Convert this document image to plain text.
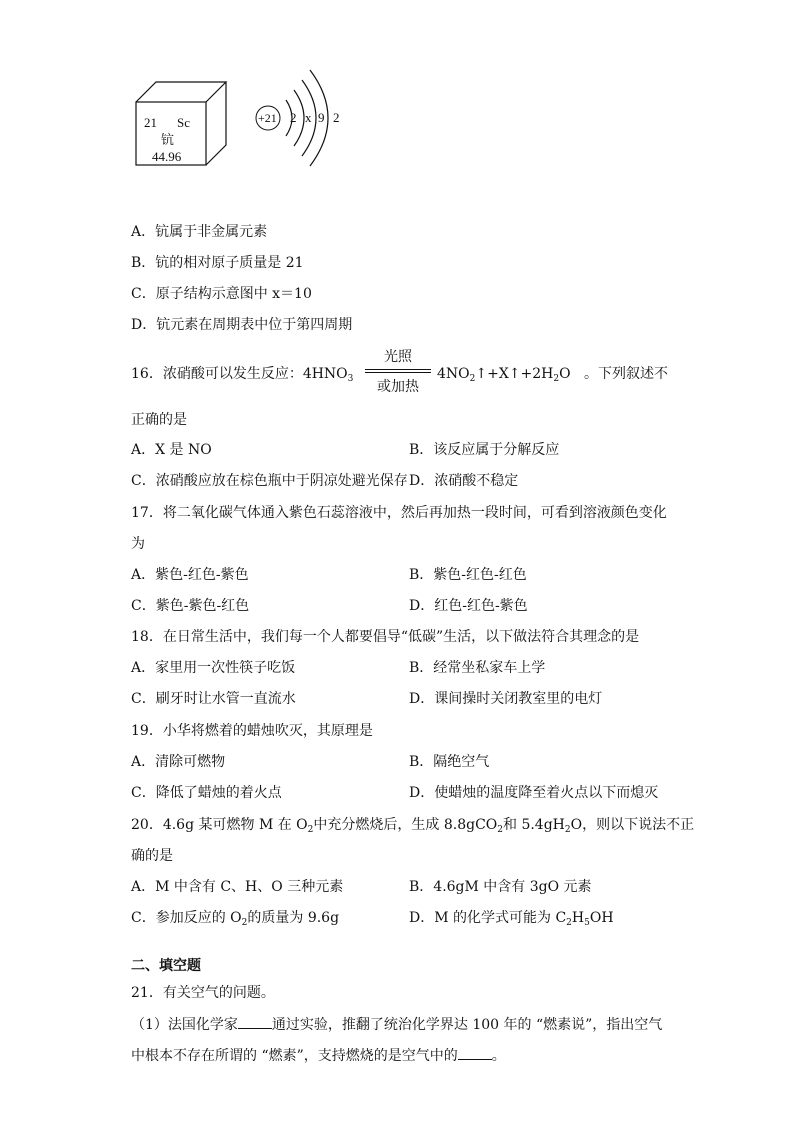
21 Sc
钪
44.96
+21 2 x 9 2
A．钪属于非金属元素
B．钪的相对原子质量是 21
C．原子结构示意图中 x＝10
D．钪元素在周期表中位于第四周期
16．浓硝酸可以发生反应：$4HNO_3$
光照
或加热
$4NO_2↑+X↑+2H_2O$ 。下列叙述不
正确的是
A．X 是 NO	B．该反应属于分解反应
C．浓硝酸应放在棕色瓶中于阴凉处避光保存 D．浓硝酸不稳定
17．将二氧化碳气体通入紫色石蕊溶液中，然后再加热一段时间，可看到溶液颜色变化
为
A．紫色-红色-紫色	B．紫色-红色-红色
C．紫色-紫色-红色	D．红色-红色-紫色
18．在日常生活中，我们每一个人都要倡导“低碳”生活，以下做法符合其理念的是
A．家里用一次性筷子吃饭	B．经常坐私家车上学
C．刷牙时让水管一直流水	D．课间操时关闭教室里的电灯
19．小华将燃着的蜡烛吹灭，其原理是
A．清除可燃物	B．隔绝空气
C．降低了蜡烛的着火点	D．使蜡烛的温度降至着火点以下而熄灭
20．4.6g 某可燃物 M 在 $O_2$中充分燃烧后，生成 8.8gCO$_2$和 $5.4gH_2O$，则以下说法不正
确的是
A．M 中含有 C、H、O 三种元素	B．4.6gM 中含有 3gO 元素
C．参加反应的 $O_2$的质量为 9.6g	D．M 的化学式可能为 $C_2H_5OH$
二、填空题
21．有关空气的问题。
（1）法国化学家 通过实验，推翻了统治化学界达 100 年的 “燃素说”，指出空气
中根本不存在所谓的 “燃素”，支持燃烧的是空气中的 。
